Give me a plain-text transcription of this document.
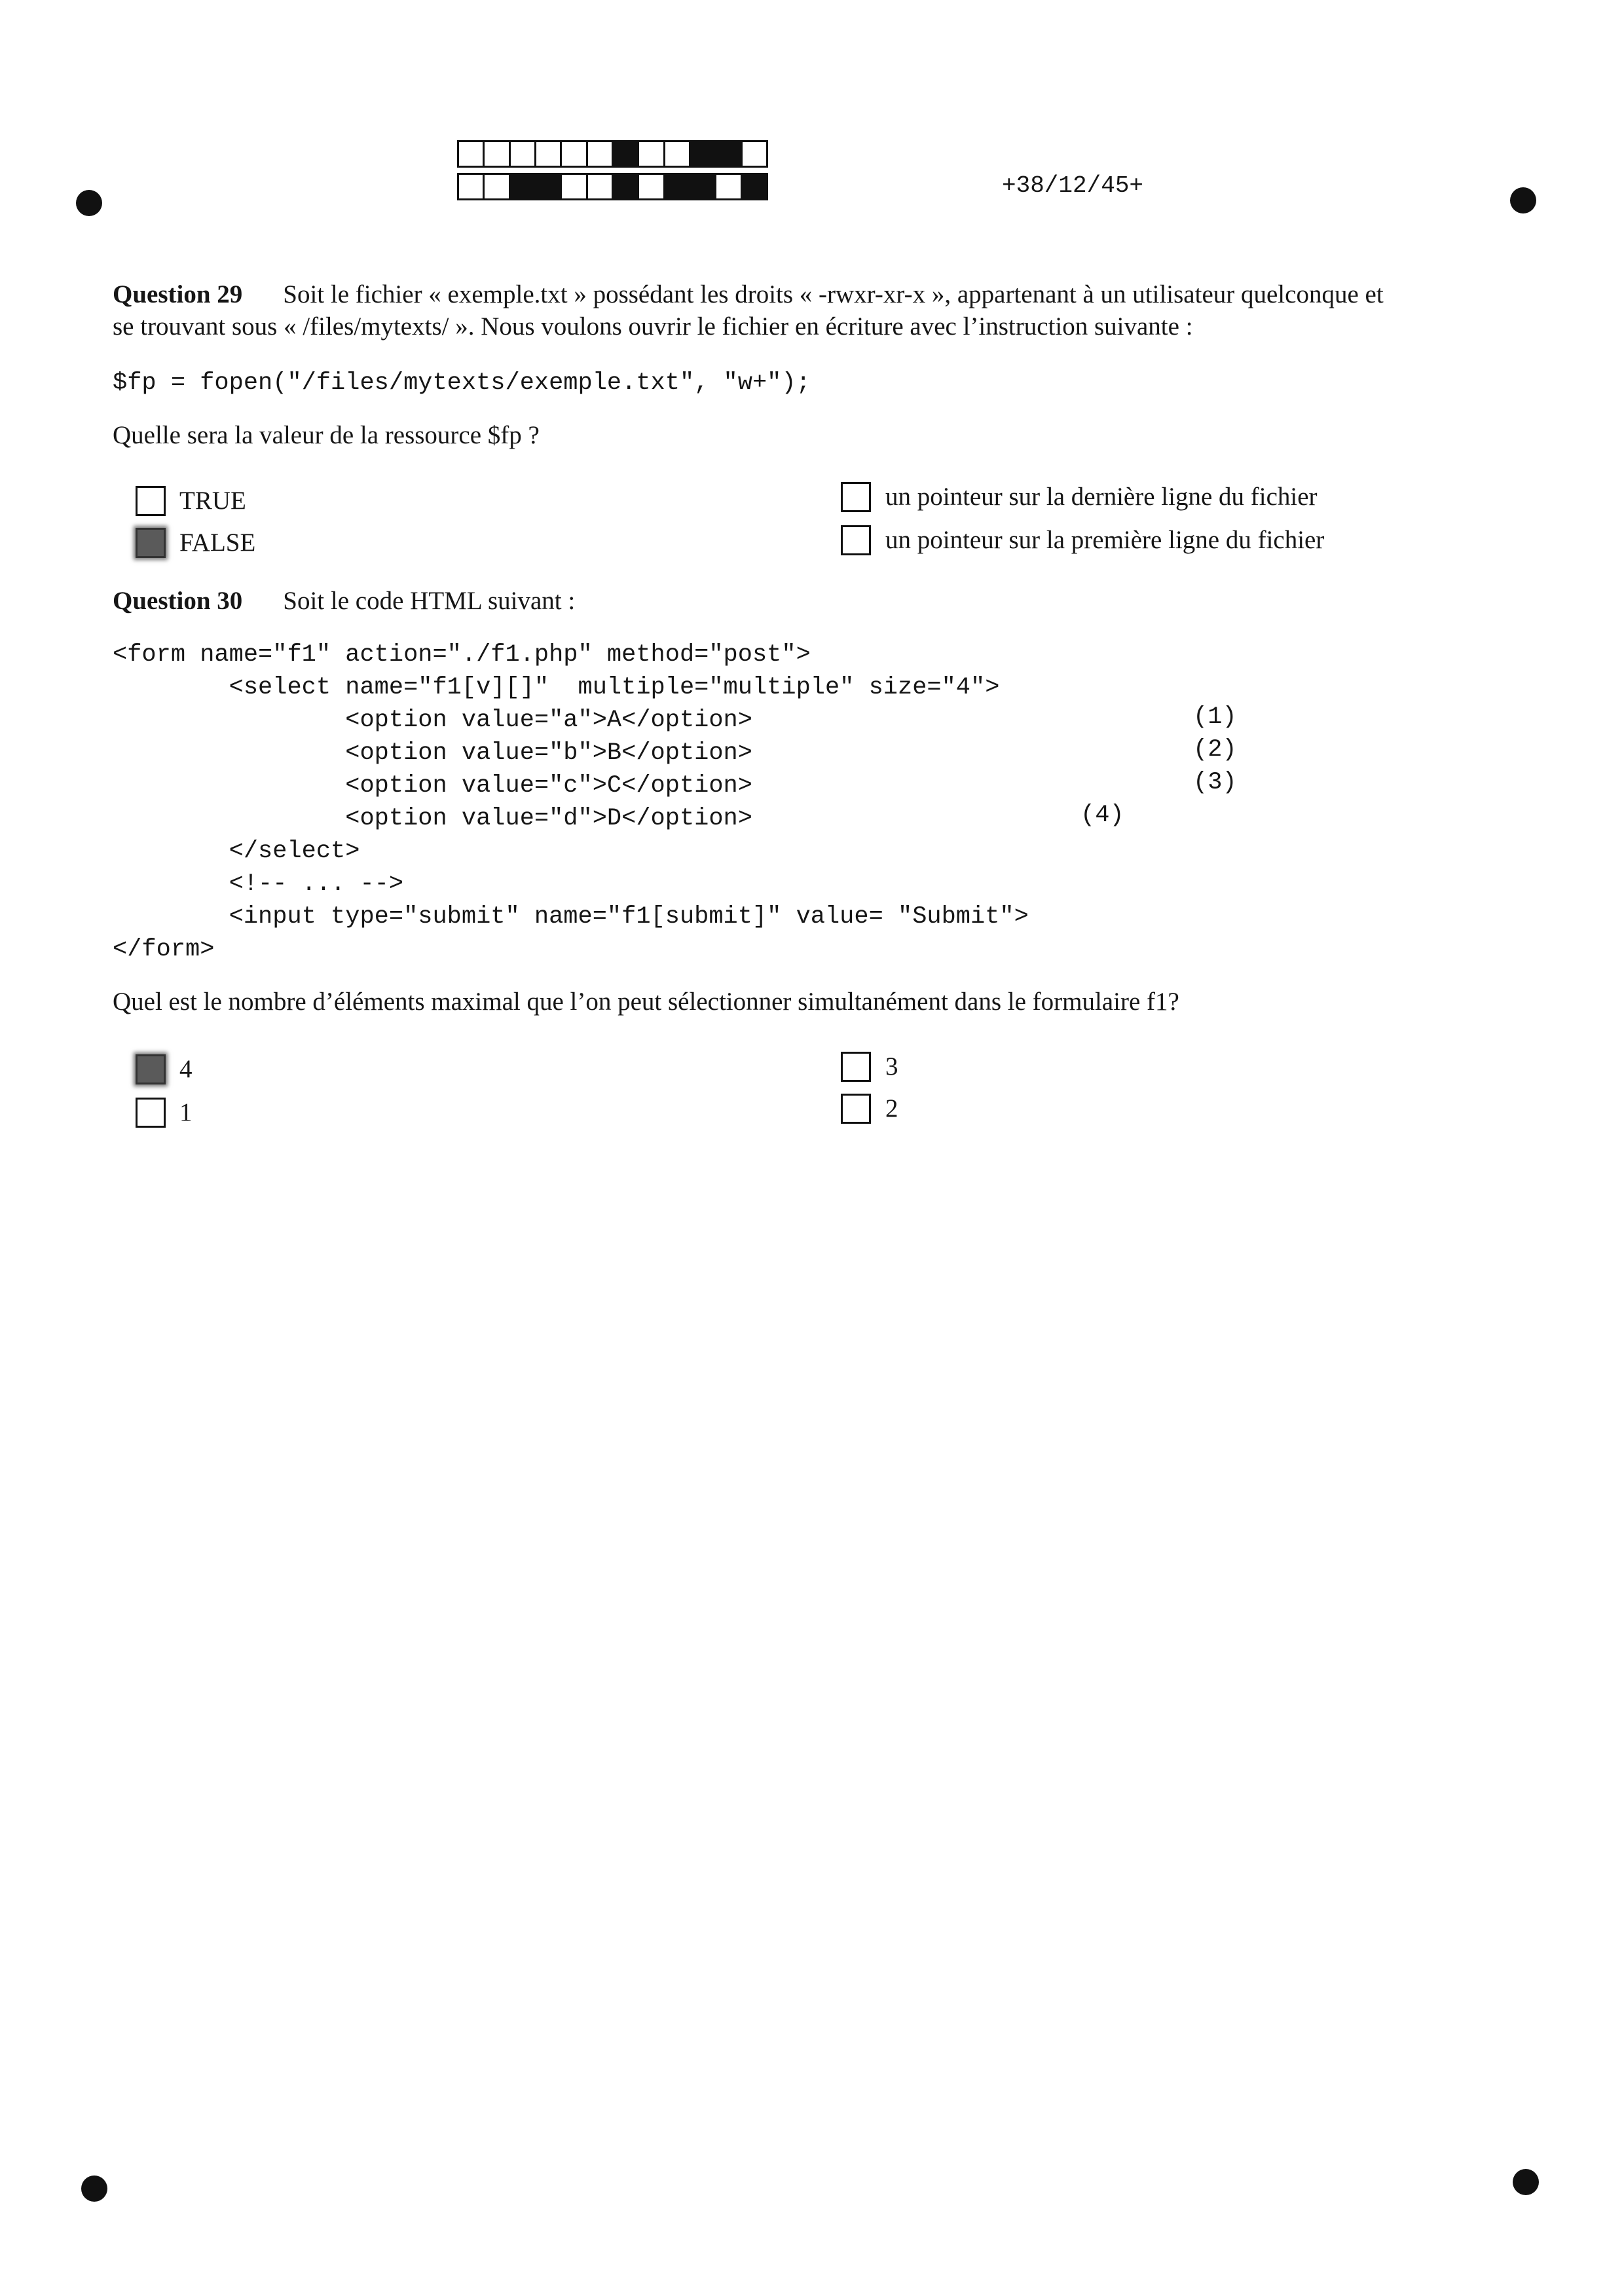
+38/12/45+
Question 29 Soit le fichier « exemple.txt » possédant les droits « -rwxr-xr-x », appartenant à un utilisateur quelconque et
se trouvant sous « /files/mytexts/ ». Nous voulons ouvrir le fichier en écriture avec l’instruction suivante :
$fp = fopen("/files/mytexts/exemple.txt", "w+");
Quelle sera la valeur de la ressource $fp ?
TRUE
FALSE
un pointeur sur la dernière ligne du fichier
un pointeur sur la première ligne du fichier
Question 30 Soit le code HTML suivant :
<form name="f1" action="./f1.php" method="post">
<select name="f1[v][]"  multiple="multiple" size="4">
<option value="a">A</option>
<option value="b">B</option>
<option value="c">C</option>
<option value="d">D</option>
</select>
<!-- ... -->
<input type="submit" name="f1[submit]" value= "Submit">
</form>
(1)
(2)
(3)
(4)
Quel est le nombre d’éléments maximal que l’on peut sélectionner simultanément dans le formulaire f1?
4
1
3
2
